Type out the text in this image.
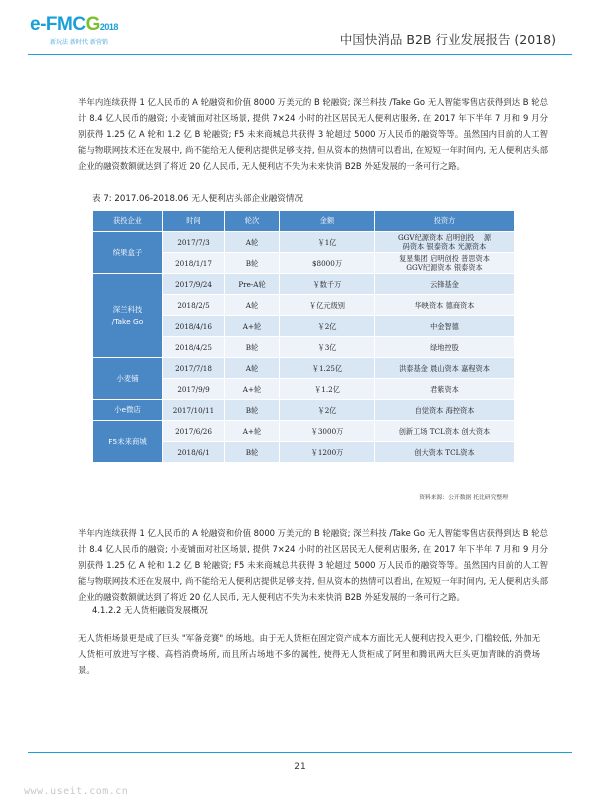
e-FMCG2018
新玩法 新时代 新营销	中国快消品 B2B 行业发展报告 (2018)

半年内连续获得 1 亿人民币的 A 轮融资和价值 8000 万美元的 B 轮融资; 深兰科技 /Take Go 无人智能零售店获得到达 B 轮总计 8.4 亿人民币的融资; 小麦铺面对社区场景, 提供 7×24 小时的社区居民无人便利店服务, 在 2017 年下半年 7 月和 9 月分别获得 1.25 亿 A 轮和 1.2 亿 B 轮融资; F5 未来商城总共获得 3 轮超过 5000 万人民币的融资等等。虽然国内目前的人工智能与物联网技术还在发展中, 尚不能给无人便利店提供足够支持, 但从资本的热情可以看出, 在短短一年时间内, 无人便利店头部企业的融资数额就达到了将近 20 亿人民币, 无人便利店不失为未来快消 B2B 外延发展的一条可行之路。

表 7: 2017.06-2018.06 无人便利店头部企业融资情况
获投企业	时间	轮次	金额	投资方
缤果盒子	2017/7/3	A轮	￥1亿	GGV纪源资本 启明创投　 源
码资本 银泰资本 光源资本
	2018/1/17	B轮	$8000万	复星集团 启明创投 普思资本
GGV纪源资本 银泰资本
深兰科技
/Take Go	2017/9/24	Pre-A轮	￥数千万	云锋基金
	2018/2/5	A轮	￥亿元级别	华映资本 德商资本
	2018/4/16	A+轮	￥2亿	中金智德
	2018/4/25	B轮	￥3亿	绿地控股
小麦铺	2017/7/18	A轮	￥1.25亿	洪泰基金 晨山资本 嘉程资本
	2017/9/9	A+轮	￥1.2亿	君紫资本
小e微店	2017/10/11	B轮	￥2亿	自觉资本 海控资本
F5未来商城	2017/6/26	A+轮	￥3000万	创新工场 TCL资本 创大资本
	2018/6/1	B轮	￥1200万	创大资本 TCL资本
资料来源：公开数据 托比研究整理

半年内连续获得 1 亿人民币的 A 轮融资和价值 8000 万美元的 B 轮融资; 深兰科技 /Take Go 无人智能零售店获得到达 B 轮总计 8.4 亿人民币的融资; 小麦铺面对社区场景, 提供 7×24 小时的社区居民无人便利店服务, 在 2017 年下半年 7 月和 9 月分别获得 1.25 亿 A 轮和 1.2 亿 B 轮融资; F5 未来商城总共获得 3 轮超过 5000 万人民币的融资等等。虽然国内目前的人工智能与物联网技术还在发展中, 尚不能给无人便利店提供足够支持, 但从资本的热情可以看出, 在短短一年时间内, 无人便利店头部企业的融资数额就达到了将近 20 亿人民币, 无人便利店不失为未来快消 B2B 外延发展的一条可行之路。

4.1.2.2 无人货柜融资发展概况

无人货柜场景更是成了巨头 "军备竞赛" 的场地。由于无人货柜在固定资产成本方面比无人便利店投入更少, 门槛较低, 外加无人货柜可放进写字楼、高档消费场所, 而且所占场地不多的属性, 使得无人货柜成了阿里和腾讯两大巨头更加青睐的消费场景。

21
www.useit.com.cn
